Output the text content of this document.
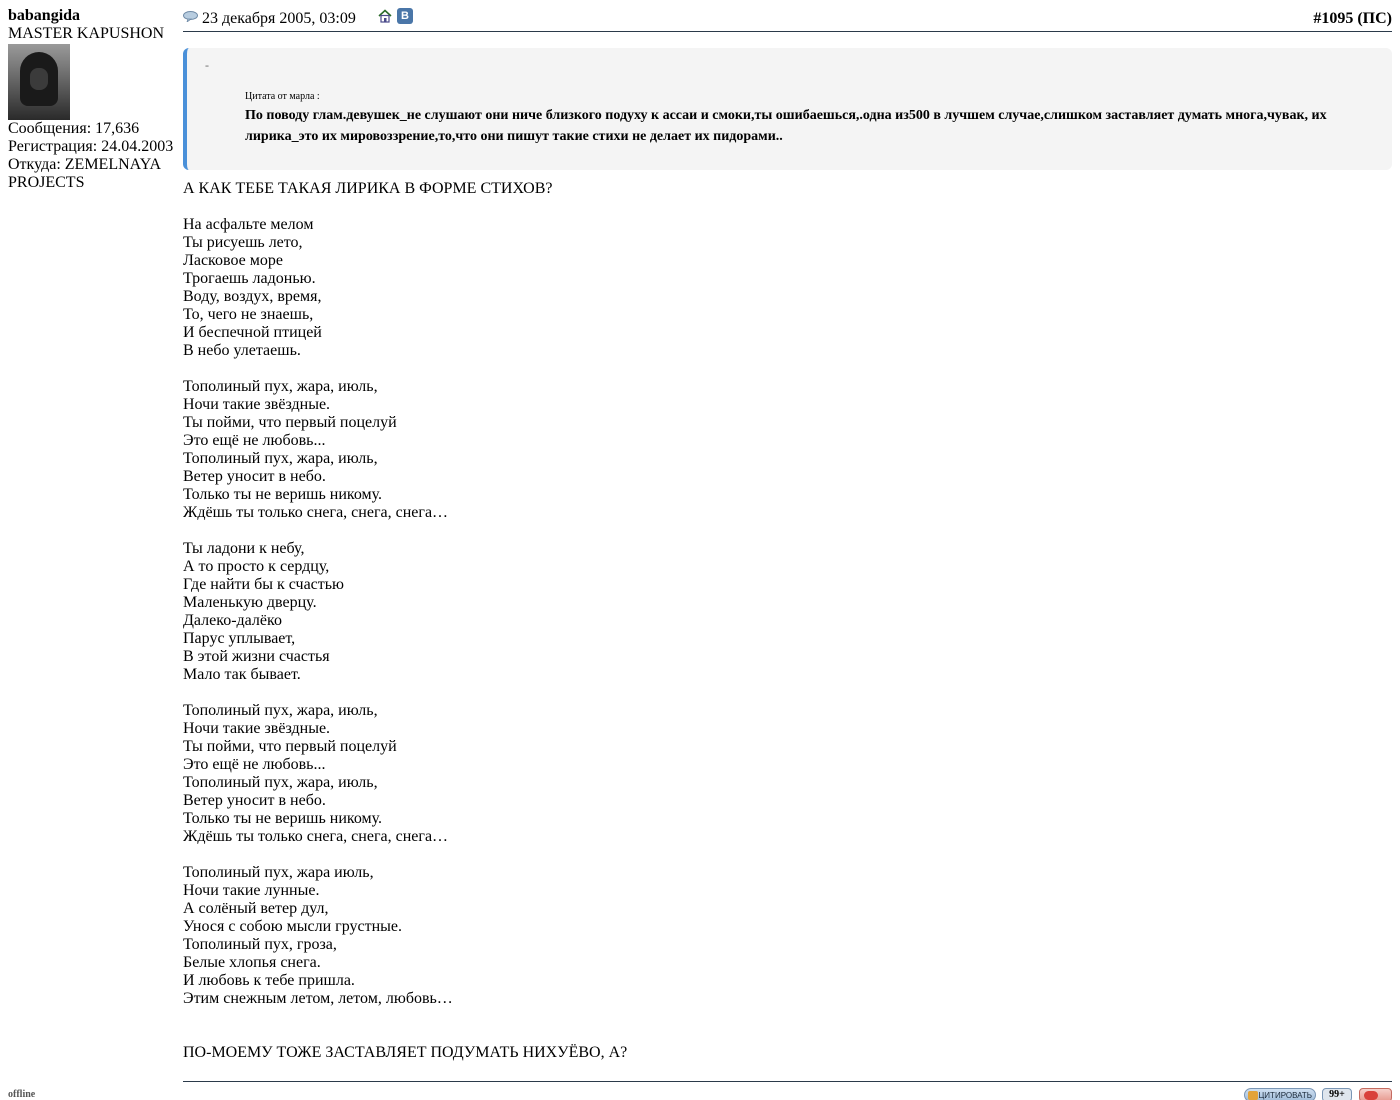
babangida
MASTER KAPUSHON
Сообщения: 17,636
Регистрация: 24.04.2003
Откуда: ZEMELNAYA
PROJECTS
offline
23 декабря 2005, 03:09	B	#1095 (ПС)
-
Цитата от марла :
По поводу глам.девушек_не слушают они ниче близкого подуху к ассаи и смоки,ты ошибаешься,.одна из500 в лучшем случае,слишком заставляет думать многа,чувак, их лирика_это их мировоззрение,то,что они пишут такие стихи не делает их пидорами..
А КАК ТЕБЕ ТАКАЯ ЛИРИКА В ФОРМЕ СТИХОВ?
На асфальте мелом
Ты рисуешь лето,
Ласковое море
Трогаешь ладонью.
Воду, воздух, время,
То, чего не знаешь,
И беспечной птицей
В небо улетаешь.
Тополиный пух, жара, июль,
Ночи такие звёздные.
Ты пойми, что первый поцелуй
Это ещё не любовь...
Тополиный пух, жара, июль,
Ветер уносит в небо.
Только ты не веришь никому.
Ждёшь ты только снега, снега, снега…
Ты ладони к небу,
А то просто к сердцу,
Где найти бы к счастью
Маленькую дверцу.
Далеко-далёко
Парус уплывает,
В этой жизни счастья
Мало так бывает.
Тополиный пух, жара, июль,
Ночи такие звёздные.
Ты пойми, что первый поцелуй
Это ещё не любовь...
Тополиный пух, жара, июль,
Ветер уносит в небо.
Только ты не веришь никому.
Ждёшь ты только снега, снега, снега…
Тополиный пух, жара июль,
Ночи такие лунные.
А солёный ветер дул,
Унося с собою мысли грустные.
Тополиный пух, гроза,
Белые хлопья снега.
И любовь к тебе пришла.
Этим снежным летом, летом, любовь…
ПО-МОЕМУ ТОЖЕ ЗАСТАВЛЯЕТ ПОДУМАТЬ НИХУЁВО, А?
ЦИТИРОВАТЬ	99+
